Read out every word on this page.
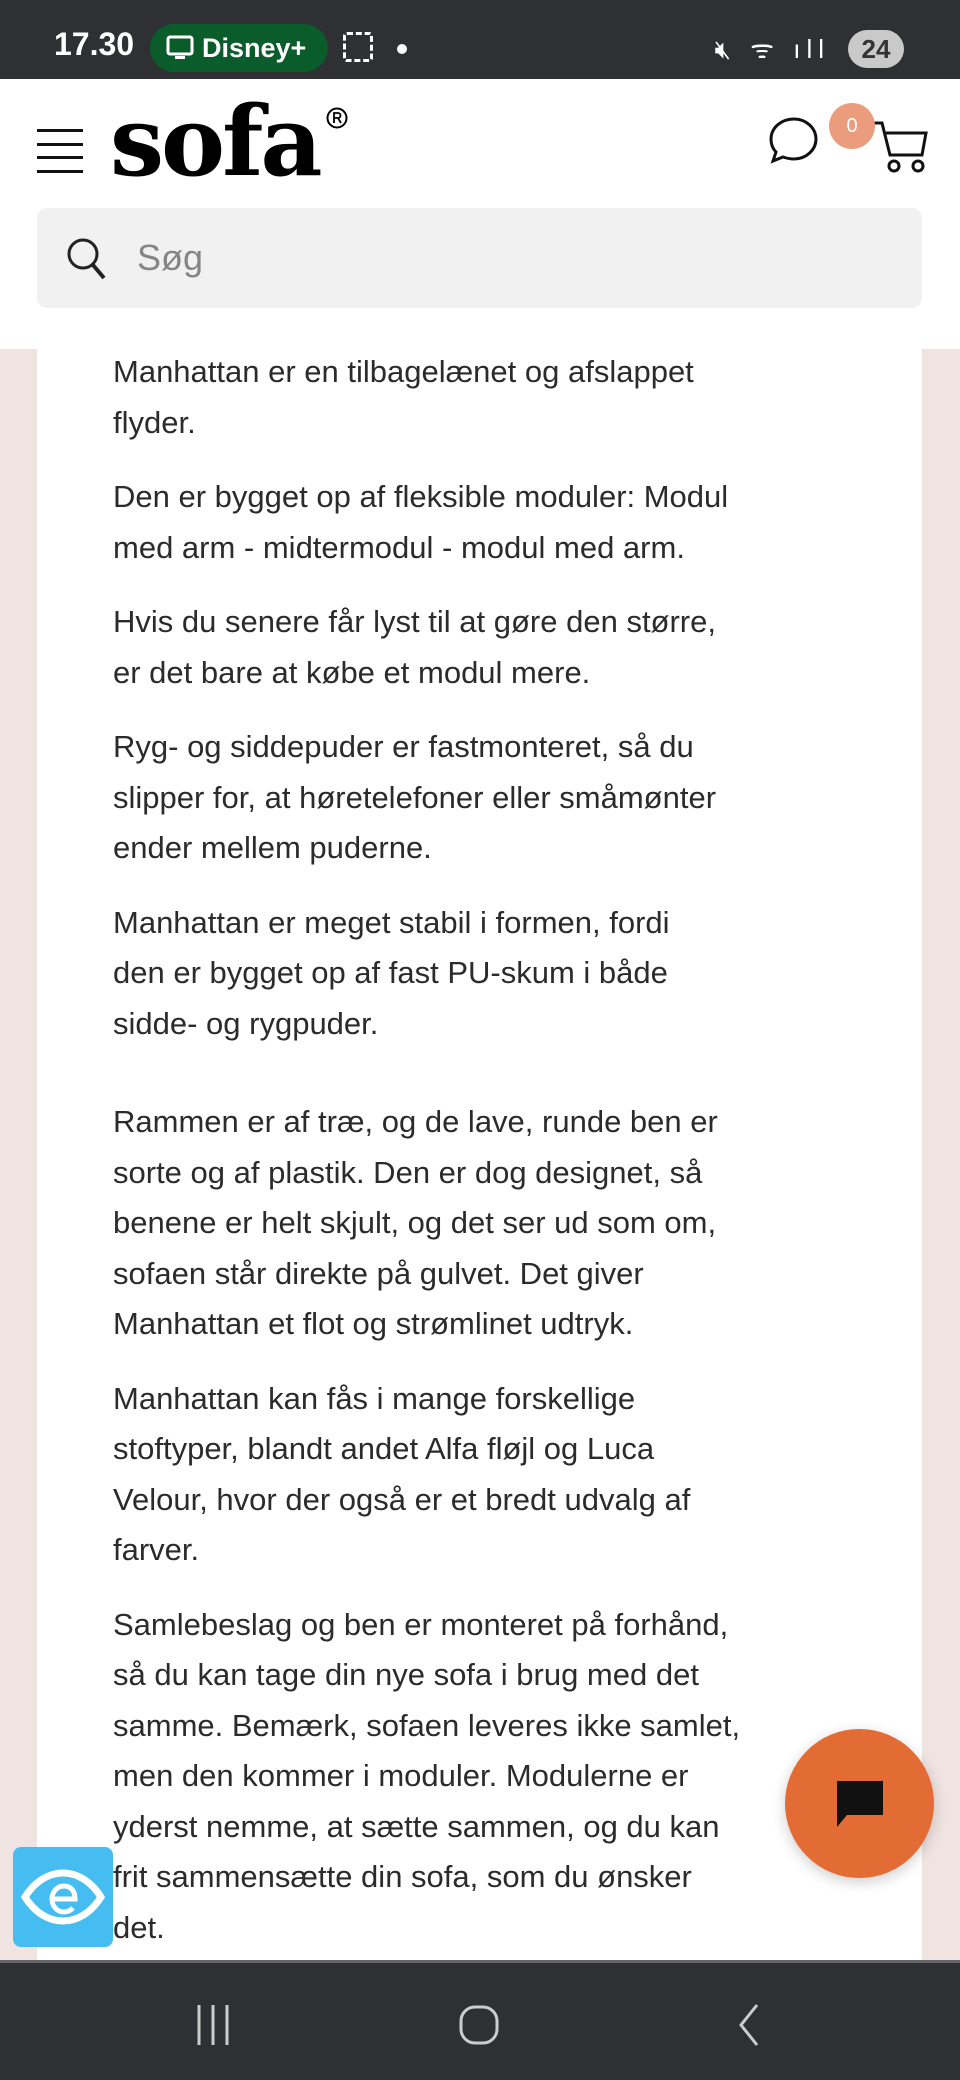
17.30	Disney+	🔇︎ ᯤ ıll	24
sofa	0
Søg
Manhattan er en tilbagelænet og afslappet
flyder.
Den er bygget op af fleksible moduler: Modul
med arm - midtermodul - modul med arm.
Hvis du senere får lyst til at gøre den større,
er det bare at købe et modul mere.
Ryg- og siddepuder er fastmonteret, så du
slipper for, at høretelefoner eller småmønter
ender mellem puderne.
Manhattan er meget stabil i formen, fordi
den er bygget op af fast PU-skum i både
sidde- og rygpuder.
Rammen er af træ, og de lave, runde ben er
sorte og af plastik. Den er dog designet, så
benene er helt skjult, og det ser ud som om,
sofaen står direkte på gulvet. Det giver
Manhattan et flot og strømlinet udtryk.
Manhattan kan fås i mange forskellige
stoftyper, blandt andet Alfa fløjl og Luca
Velour, hvor der også er et bredt udvalg af
farver.
Samlebeslag og ben er monteret på forhånd,
så du kan tage din nye sofa i brug med det
samme. Bemærk, sofaen leveres ikke samlet,
men den kommer i moduler. Modulerne er
yderst nemme, at sætte sammen, og du kan
frit sammensætte din sofa, som du ønsker
det.
